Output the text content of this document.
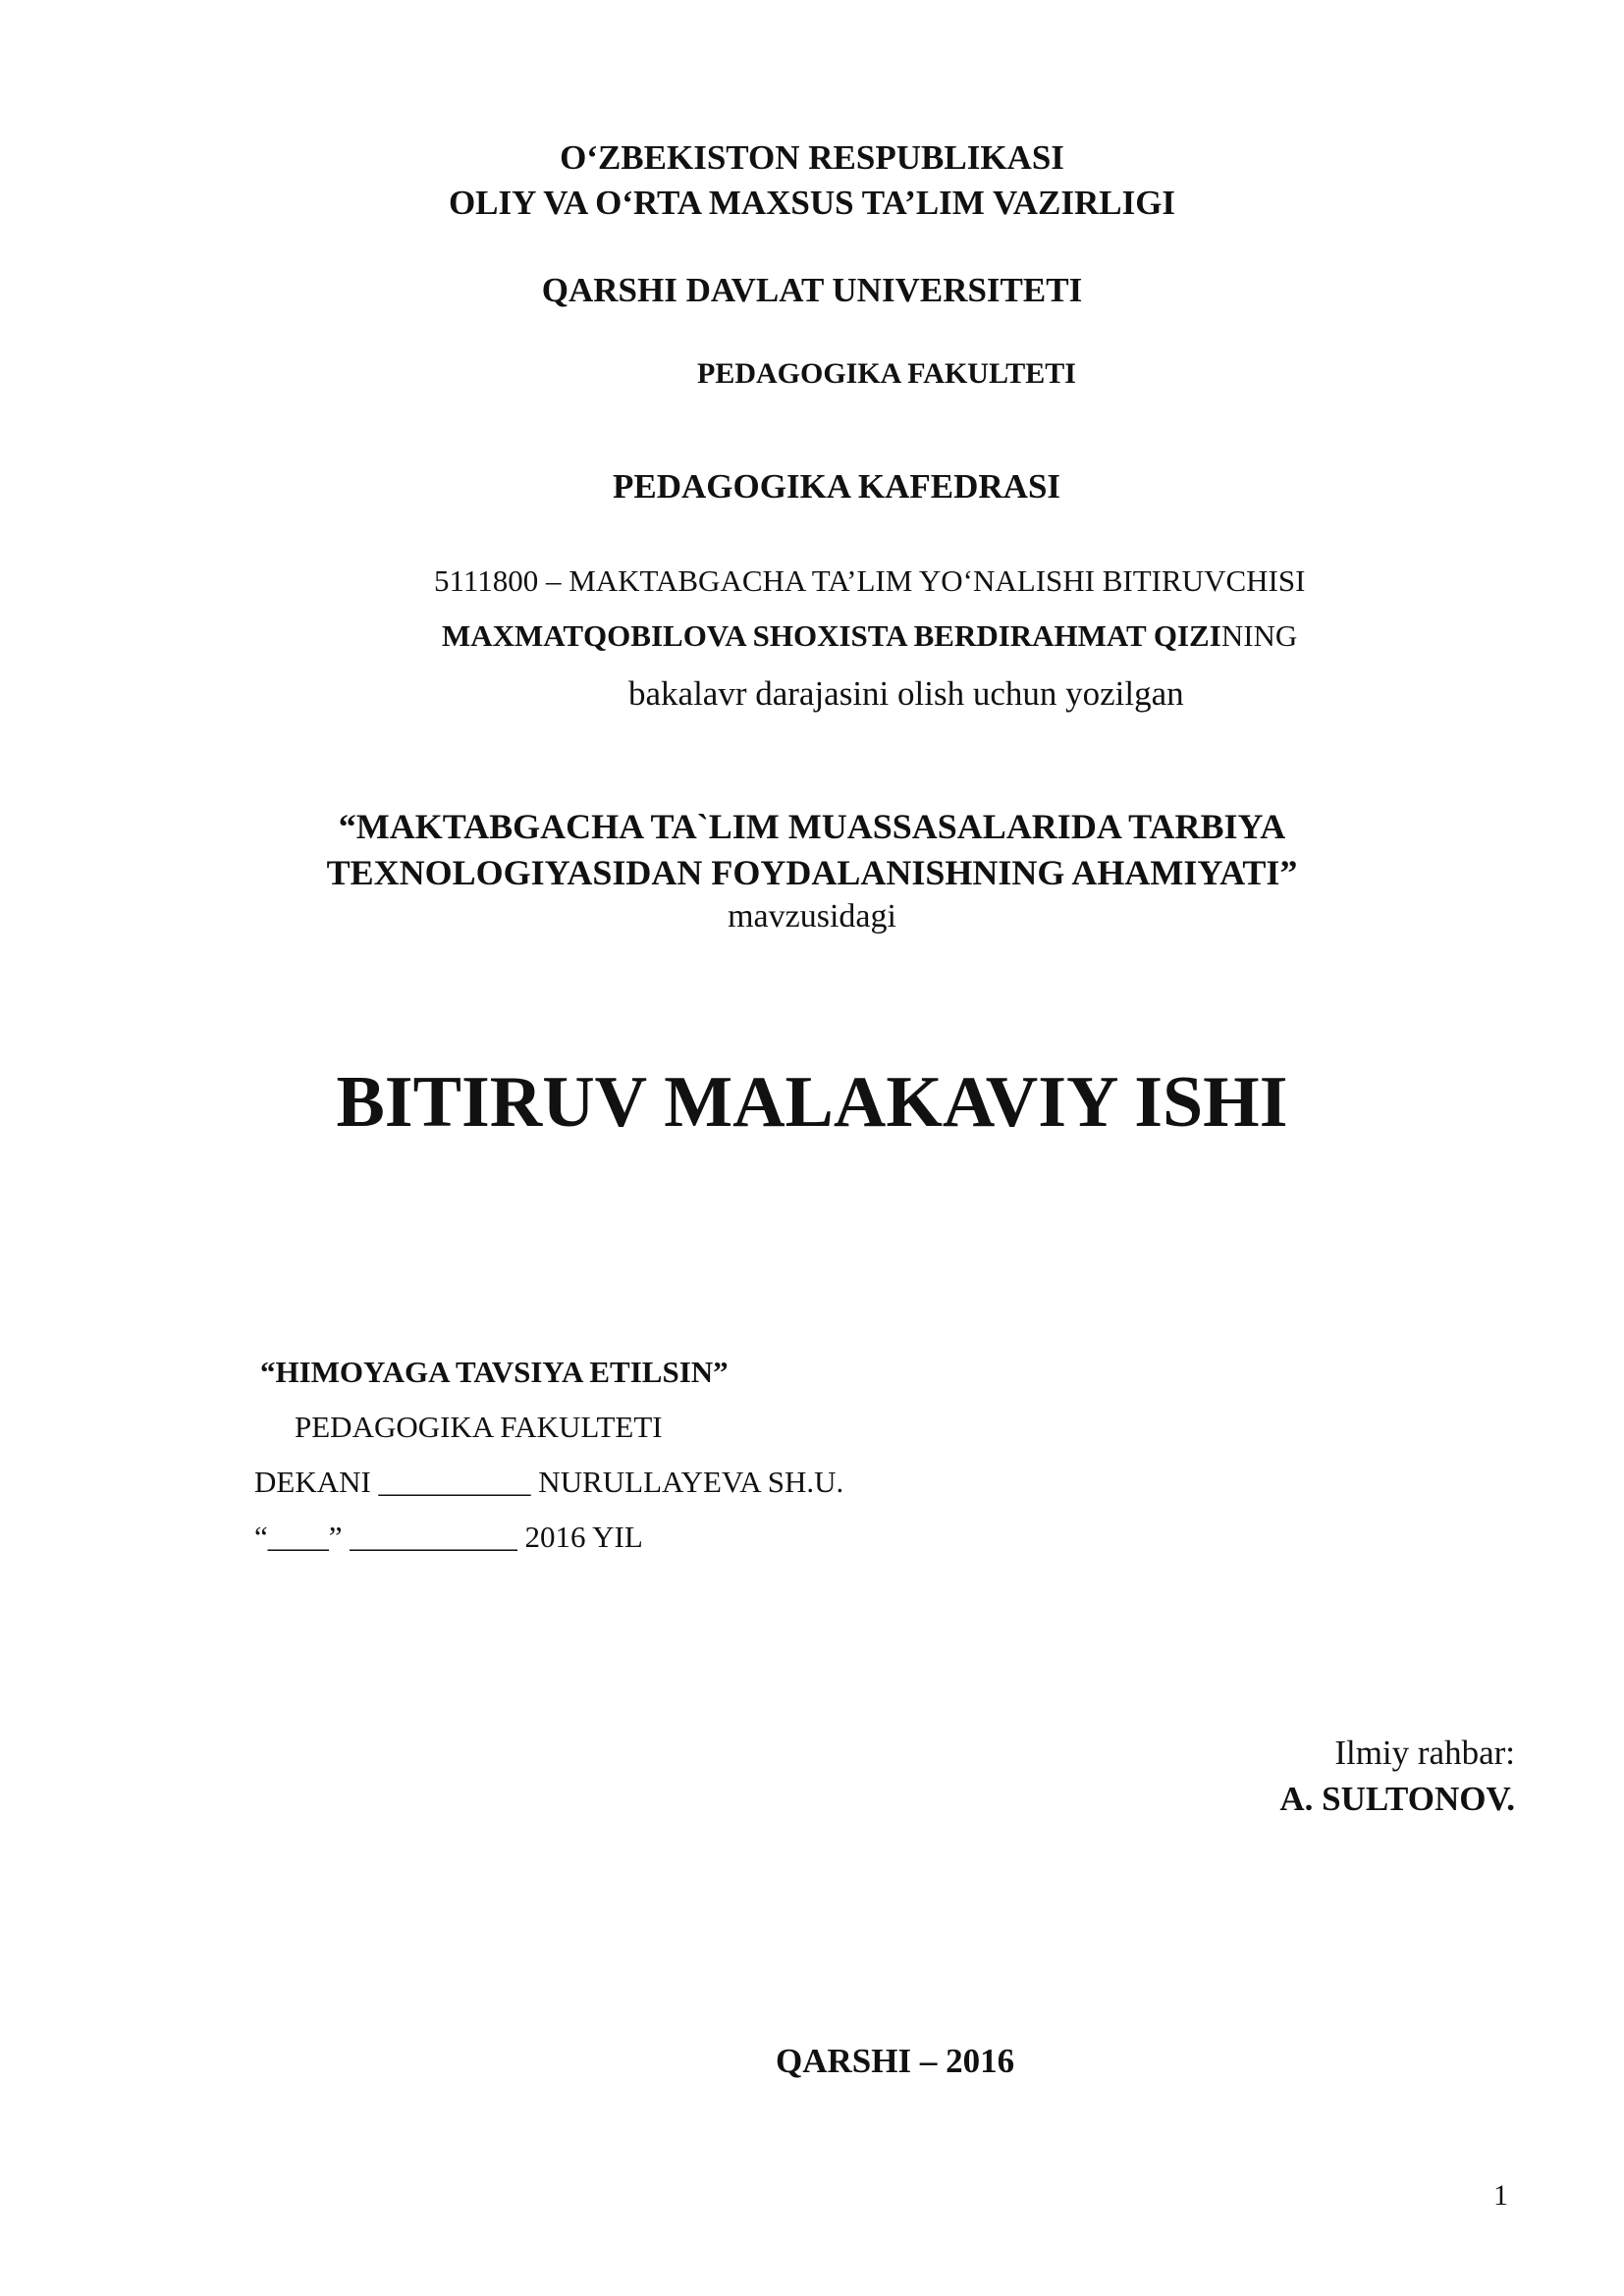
O‘ZBEKISTON RESPUBLIKASI
OLIY VA O‘RTA MAXSUS TA’LIM VAZIRLIGI
QARSHI DAVLAT UNIVERSITETI
PEDAGOGIKA FAKULTETI
PEDAGOGIKA KAFEDRASI
5111800 – MAKTABGACHA TA’LIM YO‘NALISHI BITIRUVCHISI
MAXMATQOBILOVA SHOXISTA BERDIRAHMAT QIZINING
bakalavr darajasini olish uchun yozilgan
“MAKTABGACHA TA`LIM MUASSASALARIDA TARBIYA
TEXNOLOGIYASIDAN FOYDALANISHNING AHAMIYATI”
mavzusidagi
BITIRUV MALAKAVIY ISHI
“HIMOYAGA TAVSIYA ETILSIN”
PEDAGOGIKA FAKULTETI
DEKANI __________ NURULLAYEVA SH.U.
“____” ___________ 2016 YIL
Ilmiy rahbar:
A. SULTONOV.
QARSHI – 2016
1
